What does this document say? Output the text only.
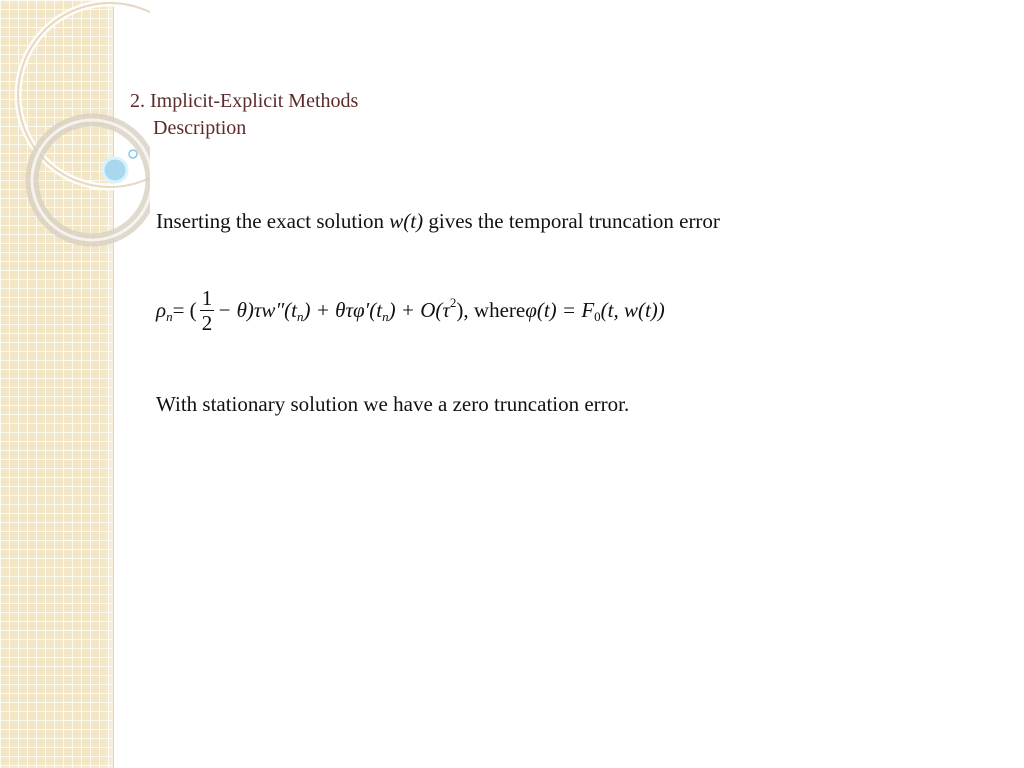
2. Implicit-Explicit Methods
Description
Inserting the exact solution w(t) gives the temporal truncation error
ρ n = ( $\frac{1}{2} - \theta)\tau w''(t$ n ) + θτφ′(t n ) + O(τ 2 ), where φ(t) = F 0 (t, w(t))
With stationary solution we have a zero truncation error.
